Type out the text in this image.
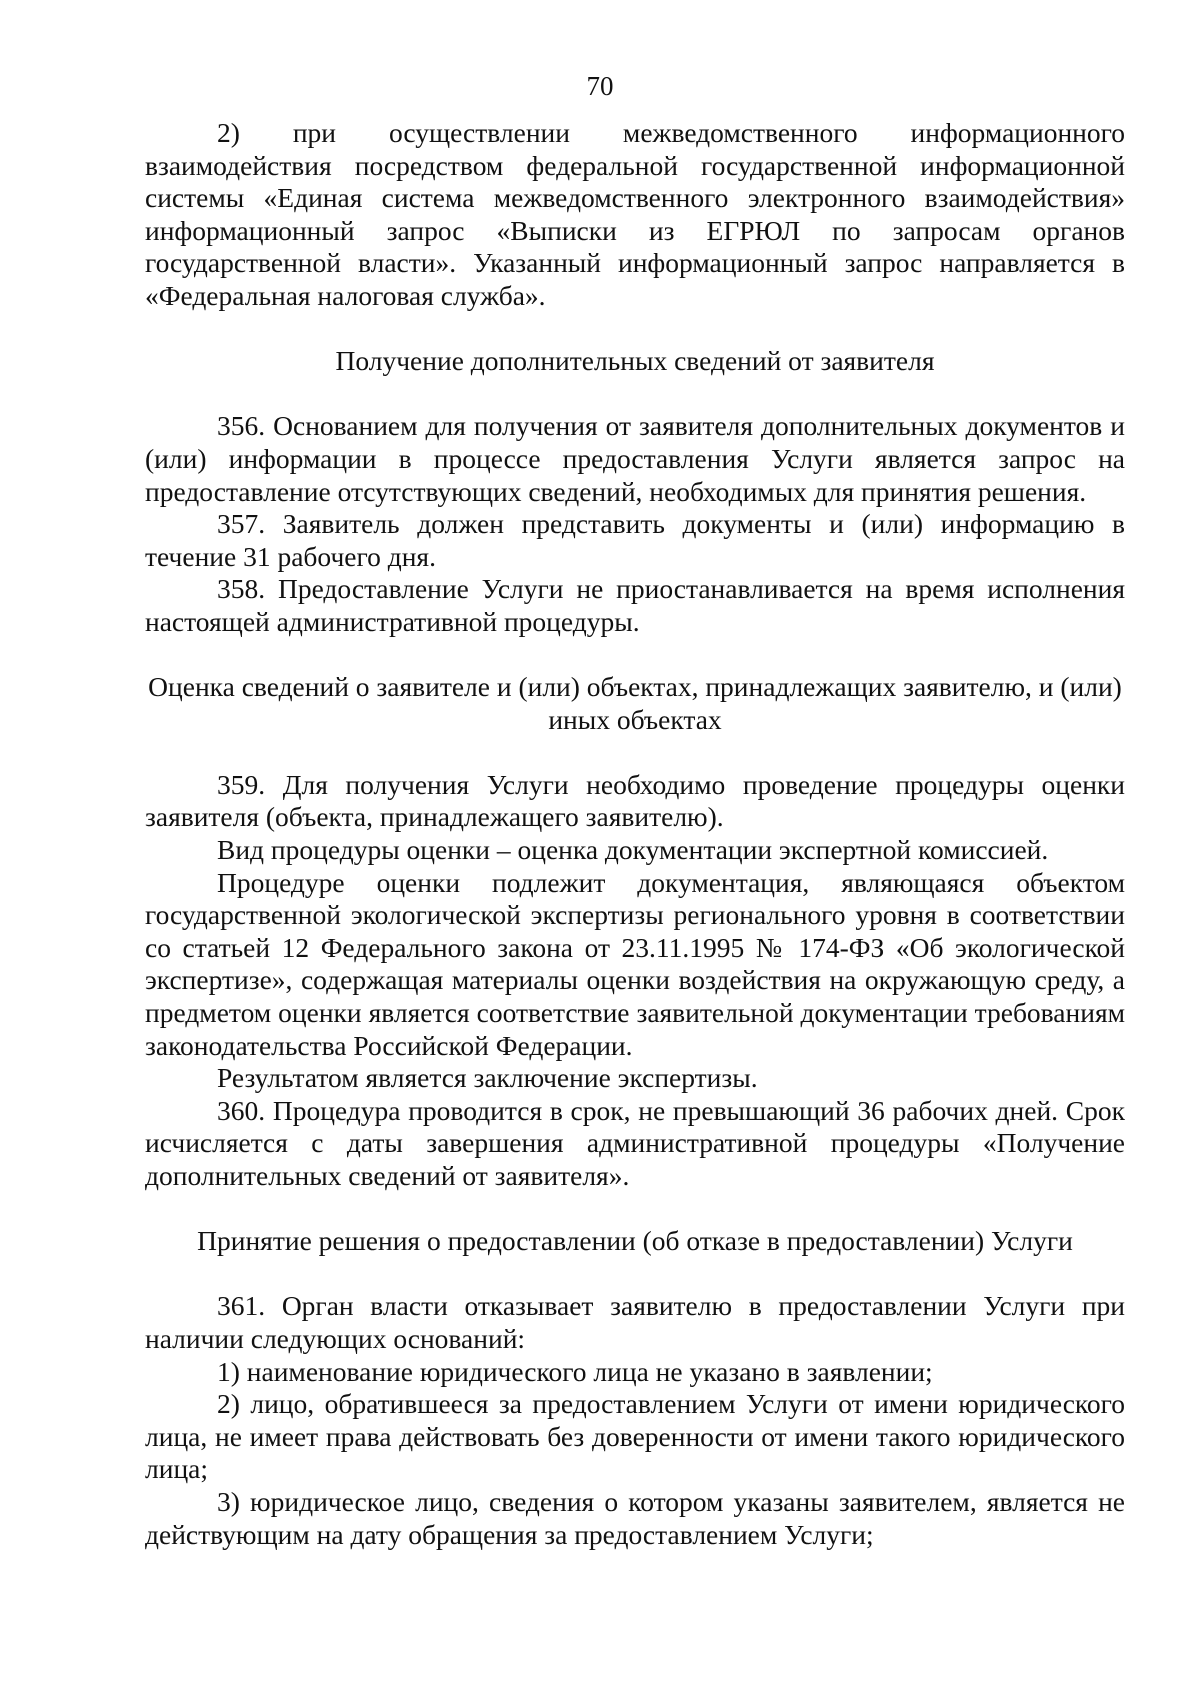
70

2) при осуществлении межведомственного информационного взаимодействия посредством федеральной государственной информационной системы «Единая система межведомственного электронного взаимодействия» информационный запрос «Выписки из ЕГРЮЛ по запросам органов государственной власти». Указанный информационный запрос направляется в «Федеральная налоговая служба».

Получение дополнительных сведений от заявителя

356. Основанием для получения от заявителя дополнительных документов и (или) информации в процессе предоставления Услуги является запрос на предоставление отсутствующих сведений, необходимых для принятия решения.

357. Заявитель должен представить документы и (или) информацию в течение 31 рабочего дня.

358. Предоставление Услуги не приостанавливается на время исполнения настоящей административной процедуры.

Оценка сведений о заявителе и (или) объектах, принадлежащих заявителю, и (или) иных объектах

359. Для получения Услуги необходимо проведение процедуры оценки заявителя (объекта, принадлежащего заявителю).

Вид процедуры оценки – оценка документации экспертной комиссией.

Процедуре оценки подлежит документация, являющаяся объектом государственной экологической экспертизы регионального уровня в соответствии со статьей 12 Федерального закона от 23.11.1995 № 174-ФЗ «Об экологической экспертизе», содержащая материалы оценки воздействия на окружающую среду, а предметом оценки является соответствие заявительной документации требованиям законодательства Российской Федерации.

Результатом является заключение экспертизы.

360. Процедура проводится в срок, не превышающий 36 рабочих дней. Срок исчисляется с даты завершения административной процедуры «Получение дополнительных сведений от заявителя».

Принятие решения о предоставлении (об отказе в предоставлении) Услуги

361. Орган власти отказывает заявителю в предоставлении Услуги при наличии следующих оснований:

1) наименование юридического лица не указано в заявлении;

2) лицо, обратившееся за предоставлением Услуги от имени юридического лица, не имеет права действовать без доверенности от имени такого юридического лица;

3) юридическое лицо, сведения о котором указаны заявителем, является не действующим на дату обращения за предоставлением Услуги;
